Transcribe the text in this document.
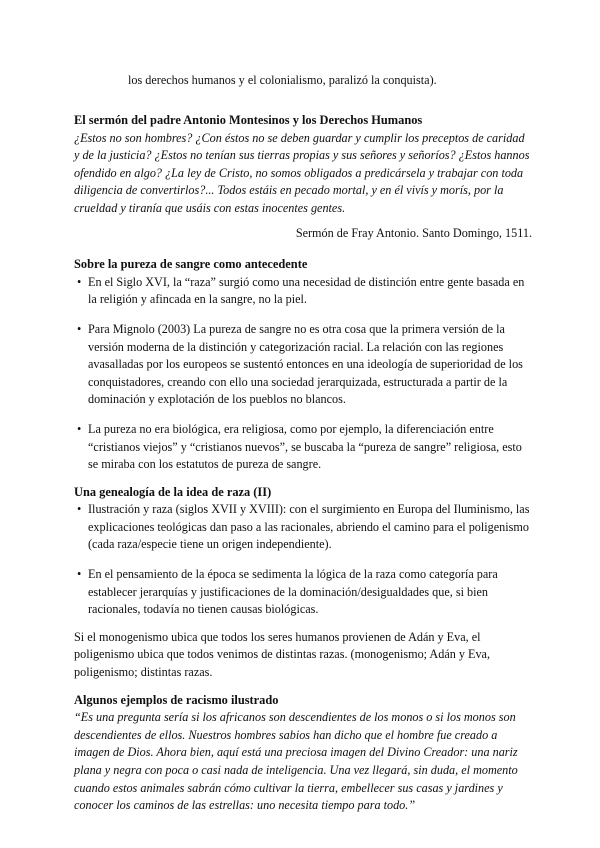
los derechos humanos y el colonialismo, paralizó la conquista).
El sermón del padre Antonio Montesinos y los Derechos Humanos

¿Estos no son hombres? ¿Con éstos no se deben guardar y cumplir los preceptos de caridad y de la justicia? ¿Estos no tenían sus tierras propias y sus señores y señoríos? ¿Estos hannos ofendido en algo? ¿La ley de Cristo, no somos obligados a predicársela y trabajar con toda diligencia de convertirlos?... Todos estáis en pecado mortal, y en él vivís y morís, por la crueldad y tiranía que usáis con estas inocentes gentes.

Sermón de Fray Antonio. Santo Domingo, 1511.

Sobre la pureza de sangre como antecedente
• En el Siglo XVI, la “raza” surgió como una necesidad de distinción entre gente basada en la religión y afincada en la sangre, no la piel.
• Para Mignolo (2003) La pureza de sangre no es otra cosa que la primera versión de la versión moderna de la distinción y categorización racial. La relación con las regiones avasalladas por los europeos se sustentó entonces en una ideología de superioridad de los conquistadores, creando con ello una sociedad jerarquizada, estructurada a partir de la dominación y explotación de los pueblos no blancos.
• La pureza no era biológica, era religiosa, como por ejemplo, la diferenciación entre “cristianos viejos” y “cristianos nuevos”, se buscaba la “pureza de sangre” religiosa, esto se miraba con los estatutos de pureza de sangre.
Una genealogía de la idea de raza (II)
• Ilustración y raza (siglos XVII y XVIII): con el surgimiento en Europa del Iluminismo, las explicaciones teológicas dan paso a las racionales, abriendo el camino para el poligenismo (cada raza/especie tiene un origen independiente).
• En el pensamiento de la época se sedimenta la lógica de la raza como categoría para establecer jerarquías y justificaciones de la dominación/desigualdades que, si bien racionales, todavía no tienen causas biológicas.

Si el monogenismo ubica que todos los seres humanos provienen de Adán y Eva, el poligenismo ubica que todos venimos de distintas razas. (monogenismo; Adán y Eva, poligenismo; distintas razas.

Algunos ejemplos de racismo ilustrado

“Es una pregunta sería si los africanos son descendientes de los monos o si los monos son descendientes de ellos. Nuestros hombres sabios han dicho que el hombre fue creado a imagen de Dios. Ahora bien, aquí está una preciosa imagen del Divino Creador: una nariz plana y negra con poca o casi nada de inteligencia. Una vez llegará, sin duda, el momento cuando estos animales sabrán cómo cultivar la tierra, embellecer sus casas y jardines y conocer los caminos de las estrellas: uno necesita tiempo para todo.”
